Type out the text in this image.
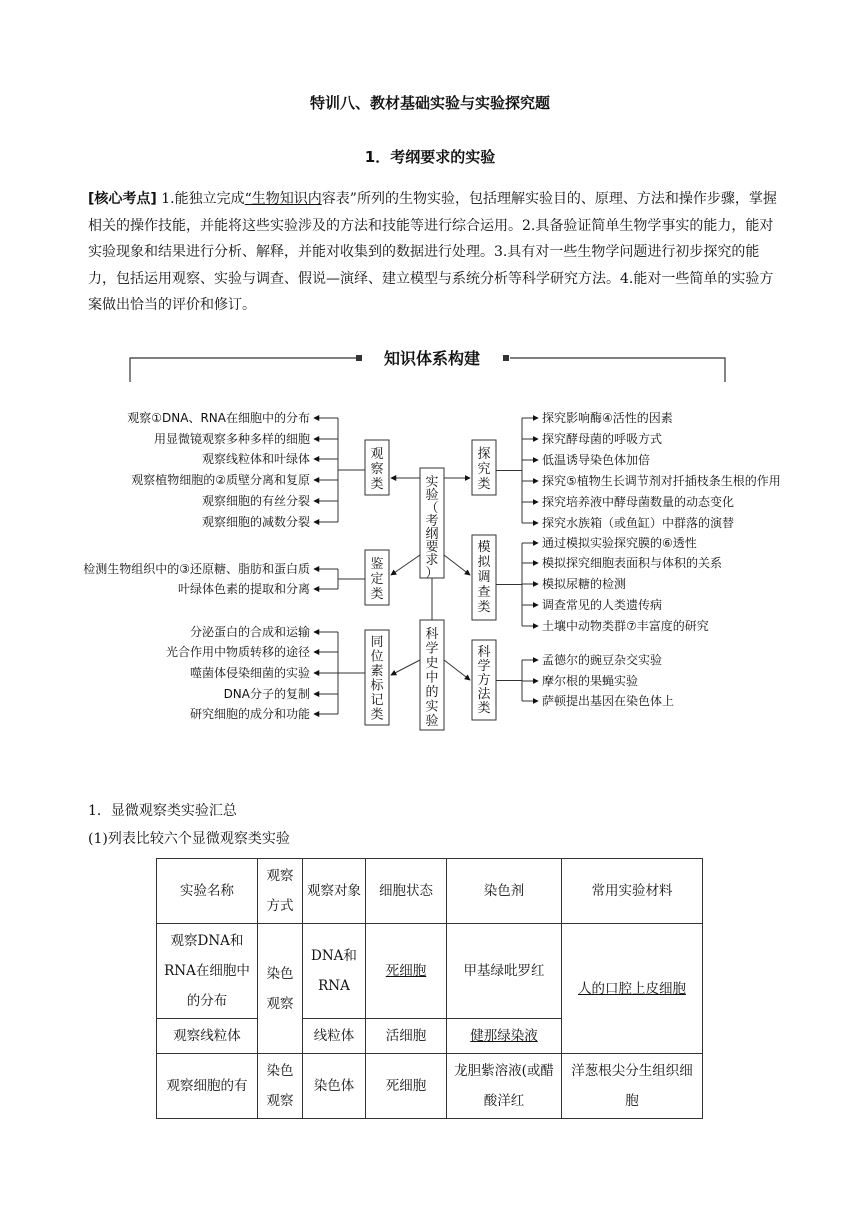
特训八、教材基础实验与实验探究题
1．考纲要求的实验
[核心考点] 1.能独立完成“生物知识内容表”所列的生物实验，包括理解实验目的、原理、方法和操作步骤，掌握相关的操作技能，并能将这些实验涉及的方法和技能等进行综合运用。2.具备验证简单生物学事实的能力，能对实验现象和结果进行分析、解释，并能对收集到的数据进行处理。3.具有对一些生物学问题进行初步探究的能力，包括运用观察、实验与调查、假说—演绎、建立模型与系统分析等科学研究方法。4.能对一些简单的实验方案做出恰当的评价和修订。
知识体系构建
实
验
（
考
纲
要
求
）
科
学
史
中
的
实
验
观
察
类
鉴
定
类
同
位
素
标
记
类
探
究
类
模
拟
调
查
类
科
学
方
法
类
观察①DNA、RNA在细胞中的分布
用显微镜观察多种多样的细胞
观察线粒体和叶绿体
观察植物细胞的②质壁分离和复原
观察细胞的有丝分裂
观察细胞的减数分裂
检测生物组织中的③还原糖、脂肪和蛋白质
叶绿体色素的提取和分离
分泌蛋白的合成和运输
光合作用中物质转移的途径
噬菌体侵染细菌的实验
DNA分子的复制
研究细胞的成分和功能
探究影响酶④活性的因素
探究酵母菌的呼吸方式
低温诱导染色体加倍
探究⑤植物生长调节剂对扦插枝条生根的作用
探究培养液中酵母菌数量的动态变化
探究水族箱（或鱼缸）中群落的演替
通过模拟实验探究膜的⑥透性
模拟探究细胞表面积与体积的关系
模拟尿糖的检测
调查常见的人类遗传病
土壤中动物类群⑦丰富度的研究
孟德尔的豌豆杂交实验
摩尔根的果蝇实验
萨顿提出基因在染色体上
1．显微观察类实验汇总
(1)列表比较六个显微观察类实验
实验名称	观察方式	观察对象	细胞状态	染色剂	常用实验材料
观察DNA和RNA在细胞中的分布	染色观察	DNA和RNA	死细胞	甲基绿吡罗红	人的口腔上皮细胞
观察线粒体		线粒体	活细胞	健那绿染液	
观察细胞的有	染色观察	染色体	死细胞	龙胆紫溶液(或醋酸洋红	洋葱根尖分生组织细胞
